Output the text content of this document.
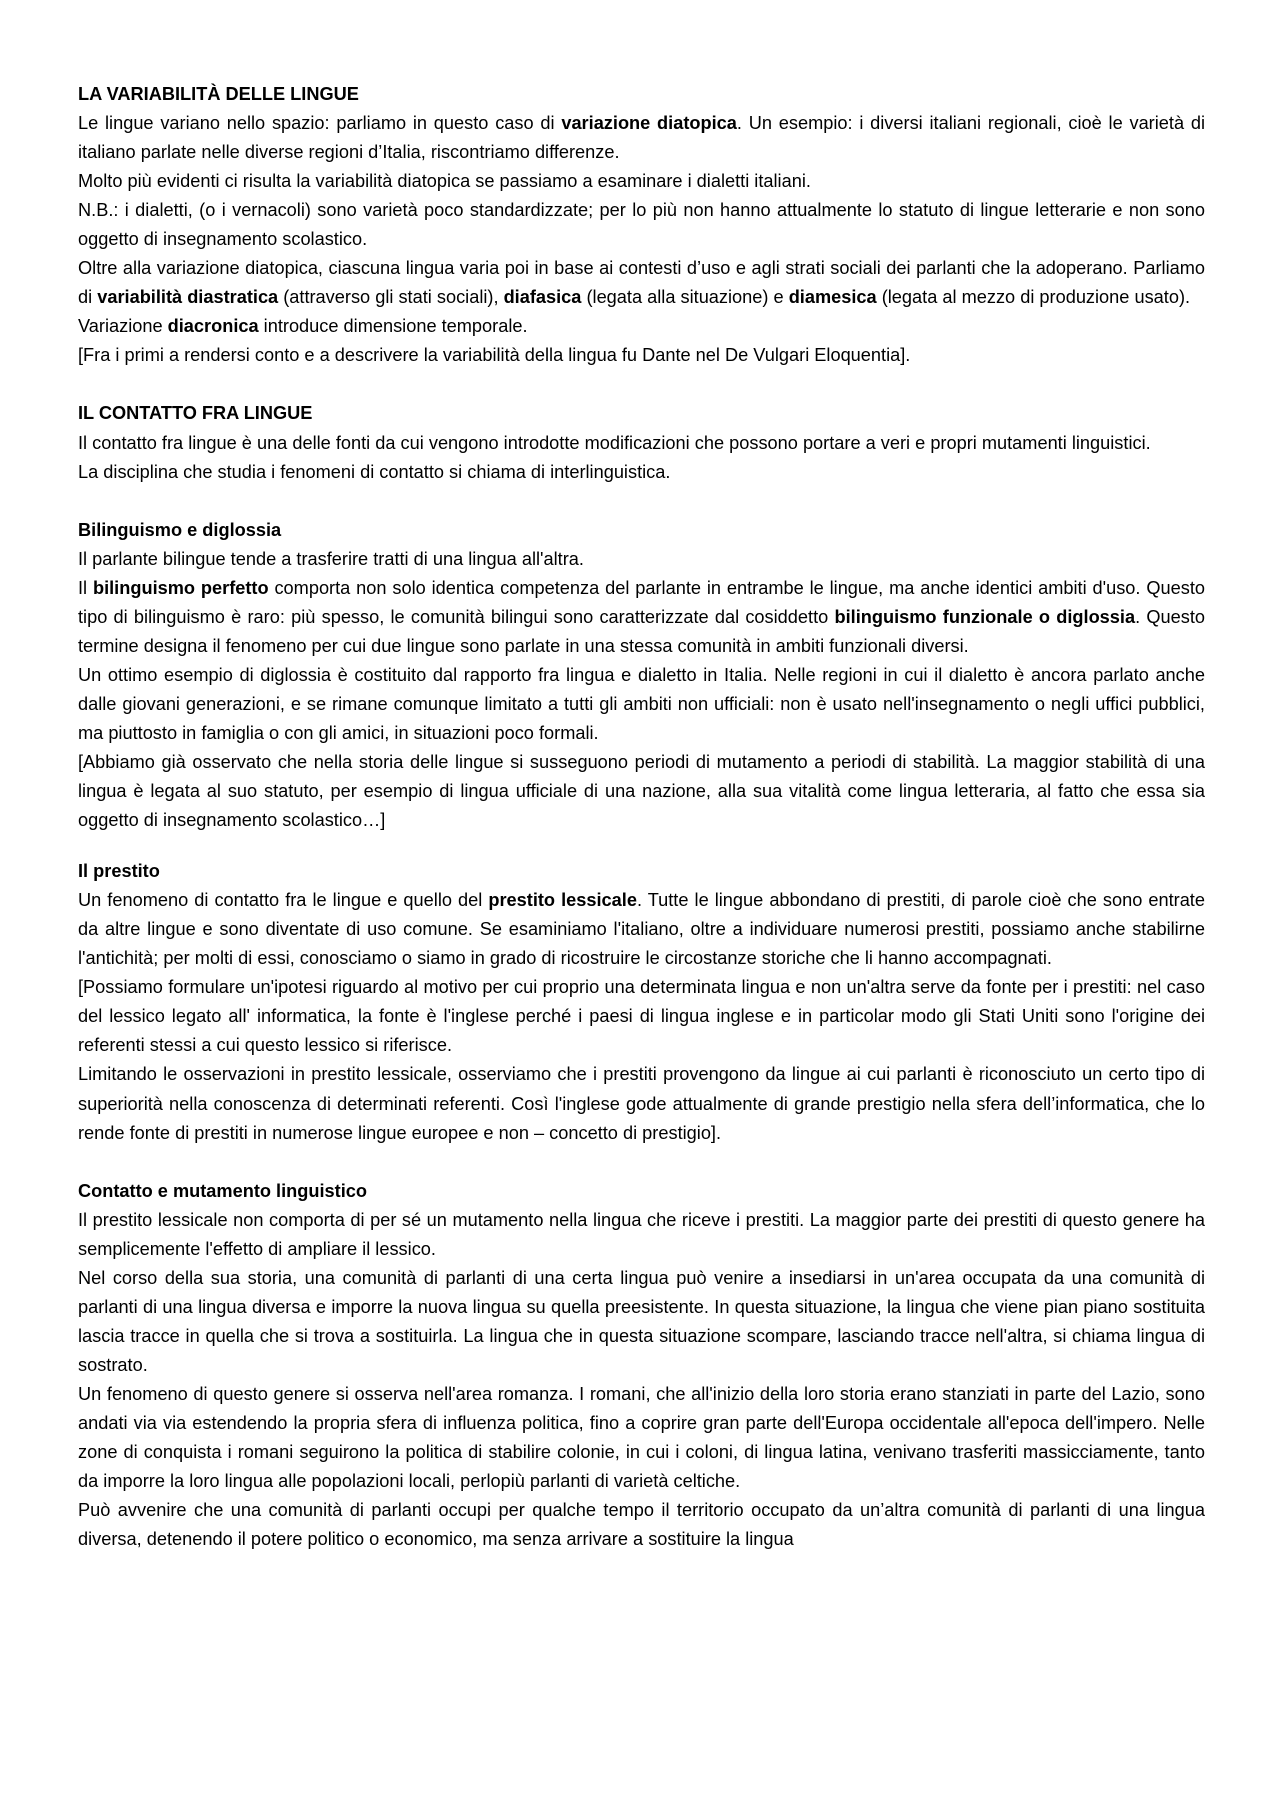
LA VARIABILITÀ DELLE LINGUE

Le lingue variano nello spazio: parliamo in questo caso di variazione diatopica. Un esempio: i diversi italiani regionali, cioè le varietà di italiano parlate nelle diverse regioni d’Italia, riscontriamo differenze.

Molto più evidenti ci risulta la variabilità diatopica se passiamo a esaminare i dialetti italiani.

N.B.: i dialetti, (o i vernacoli) sono varietà poco standardizzate; per lo più non hanno attualmente lo statuto di lingue letterarie e non sono oggetto di insegnamento scolastico.

Oltre alla variazione diatopica, ciascuna lingua varia poi in base ai contesti d’uso e agli strati sociali dei parlanti che la adoperano. Parliamo di variabilità diastratica (attraverso gli stati sociali), diafasica (legata alla situazione) e diamesica (legata al mezzo di produzione usato).

Variazione diacronica introduce dimensione temporale.

[Fra i primi a rendersi conto e a descrivere la variabilità della lingua fu Dante nel De Vulgari Eloquentia].

IL CONTATTO FRA LINGUE

Il contatto fra lingue è una delle fonti da cui vengono introdotte modificazioni che possono portare a veri e propri mutamenti linguistici.

La disciplina che studia i fenomeni di contatto si chiama di interlinguistica.

Bilinguismo e diglossia

Il parlante bilingue tende a trasferire tratti di una lingua all'altra.

Il bilinguismo perfetto comporta non solo identica competenza del parlante in entrambe le lingue, ma anche identici ambiti d'uso. Questo tipo di bilinguismo è raro: più spesso, le comunità bilingui sono caratterizzate dal cosiddetto bilinguismo funzionale o diglossia. Questo termine designa il fenomeno per cui due lingue sono parlate in una stessa comunità in ambiti funzionali diversi.

Un ottimo esempio di diglossia è costituito dal rapporto fra lingua e dialetto in Italia. Nelle regioni in cui il dialetto è ancora parlato anche dalle giovani generazioni, e se rimane comunque limitato a tutti gli ambiti non ufficiali: non è usato nell'insegnamento o negli uffici pubblici, ma piuttosto in famiglia o con gli amici, in situazioni poco formali.

[Abbiamo già osservato che nella storia delle lingue si susseguono periodi di mutamento a periodi di stabilità. La maggior stabilità di una lingua è legata al suo statuto, per esempio di lingua ufficiale di una nazione, alla sua vitalità come lingua letteraria, al fatto che essa sia oggetto di insegnamento scolastico…]

Il prestito

Un fenomeno di contatto fra le lingue e quello del prestito lessicale. Tutte le lingue abbondano di prestiti, di parole cioè che sono entrate da altre lingue e sono diventate di uso comune. Se esaminiamo l'italiano, oltre a individuare numerosi prestiti, possiamo anche stabilirne l'antichità; per molti di essi, conosciamo o siamo in grado di ricostruire le circostanze storiche che li hanno accompagnati.

[Possiamo formulare un'ipotesi riguardo al motivo per cui proprio una determinata lingua e non un'altra serve da fonte per i prestiti: nel caso del lessico legato all' informatica, la fonte è l'inglese perché i paesi di lingua inglese e in particolar modo gli Stati Uniti sono l'origine dei referenti stessi a cui questo lessico si riferisce.

Limitando le osservazioni in prestito lessicale, osserviamo che i prestiti provengono da lingue ai cui parlanti è riconosciuto un certo tipo di superiorità nella conoscenza di determinati referenti. Così l'inglese gode attualmente di grande prestigio nella sfera dell’informatica, che lo rende fonte di prestiti in numerose lingue europee e non – concetto di prestigio].

Contatto e mutamento linguistico

Il prestito lessicale non comporta di per sé un mutamento nella lingua che riceve i prestiti. La maggior parte dei prestiti di questo genere ha semplicemente l'effetto di ampliare il lessico.

Nel corso della sua storia, una comunità di parlanti di una certa lingua può venire a insediarsi in un'area occupata da una comunità di parlanti di una lingua diversa e imporre la nuova lingua su quella preesistente. In questa situazione, la lingua che viene pian piano sostituita lascia tracce in quella che si trova a sostituirla. La lingua che in questa situazione scompare, lasciando tracce nell'altra, si chiama lingua di sostrato.

Un fenomeno di questo genere si osserva nell'area romanza. I romani, che all'inizio della loro storia erano stanziati in parte del Lazio, sono andati via via estendendo la propria sfera di influenza politica, fino a coprire gran parte dell'Europa occidentale all'epoca dell'impero. Nelle zone di conquista i romani seguirono la politica di stabilire colonie, in cui i coloni, di lingua latina, venivano trasferiti massicciamente, tanto da imporre la loro lingua alle popolazioni locali, perlopiù parlanti di varietà celtiche.

Può avvenire che una comunità di parlanti occupi per qualche tempo il territorio occupato da un’altra comunità di parlanti di una lingua diversa, detenendo il potere politico o economico, ma senza arrivare a sostituire la lingua
